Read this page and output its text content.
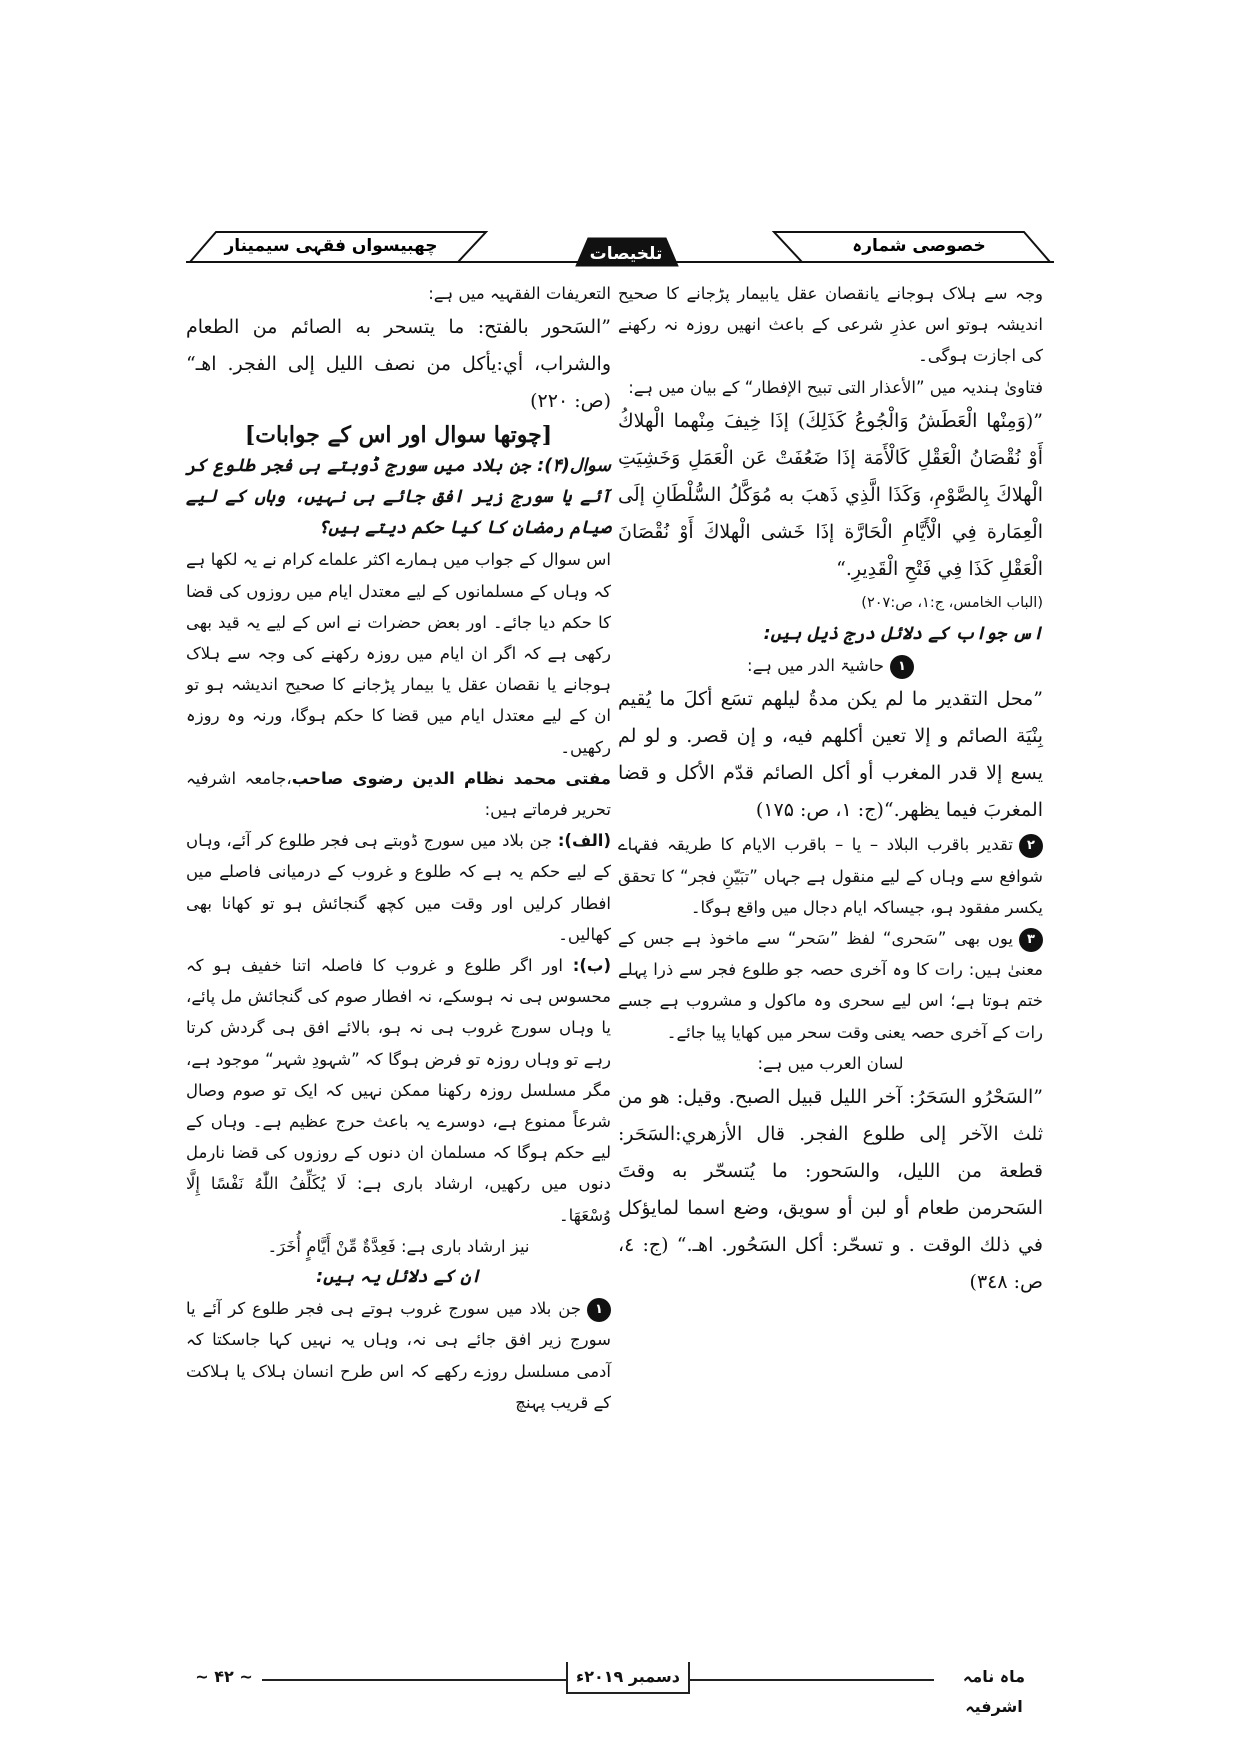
چھبیسواں فقہی سیمینار	تلخیصات	خصوصی شمارہ

وجہ سے ہلاک ہوجانے یانقصان عقل یابیمار پڑجانے کا صحیح اندیشہ ہوتو اس عذرِ شرعی کے باعث انھیں روزہ نہ رکھنے کی اجازت ہوگی۔

فتاویٰ ہندیہ میں ”الأعذار التی تبیح الإفطار“ کے بیان میں ہے:

”(وَمِنْها الْعَطَشُ وَالْجُوعُ كَذَلِكَ) إذَا خِيفَ مِنْهما الْهلاكُ أَوْ نُقْصَانُ الْعَقْلِ كَالْأَمَة إذَا ضَعُفَتْ عَن الْعَمَلِ وَخَشِيَتِ الْهلاكَ بِالصَّوْمِ، وَكَذَا الَّذِي ذَهبَ به مُوَكَّلُ السُّلْطَانِ إلَى الْعِمَارة فِي الْأَيَّامِ الْحَارَّة إذَا خَشى الْهلاكَ أَوْ نُقْصَانَ الْعَقْلِ كَذَا فِي فَتْحِ الْقَدِيرِ.“

(الباب الخامس، ج:۱، ص:۲۰۷)

اس جواب کے دلائل درج ذیل ہیں:

۱حاشیۃ الدر میں ہے:

”محل التقدير ما لم يكن مدةُ ليلهم تسَع أكلَ ما يُقيم بِنْيَة الصائم و إلا تعين أكلهم فيه، و إن قصر. و لو لم يسع إلا قدر المغرب أو أكل الصائم قدّم الأكل و قضا المغربَ فيما يظهر.“(ج: ۱، ص: ۱۷۵)

۲تقدیر باقرب البلاد – یا – باقرب الایام کا طریقہ فقہاے شوافع سے وہاں کے لیے منقول ہے جہاں ”تبَيّنِ فجر“ کا تحقق یکسر مفقود ہو، جیساکہ ایام دجال میں واقع ہوگا۔

۳یوں بھی ”سَحری“ لفظ ”سَحر“ سے ماخوذ ہے جس کے معنیٰ ہیں: رات کا وہ آخری حصہ جو طلوع فجر سے ذرا پہلے ختم ہوتا ہے؛ اس لیے سحری وہ ماکول و مشروب ہے جسے رات کے آخری حصہ یعنی وقت سحر میں کھایا پیا جائے۔

لسان العرب میں ہے:

”السَحْرُو السَحَرُ: آخر الليل قبيل الصبح. وقيل: هو من ثلث الآخر إلى طلوع الفجر. قال الأزهري:السَحَر: قطعة من الليل، والسَحور: ما يُتسحّر به وقتَ السَحرمن طعام أو لبن أو سويق، وضع اسما لمايؤكل في ذلك الوقت . و تسحّر: أكل السَحُور. اهـ.“ (ج: ٤، ص: ٣٤٨)

التعریفات الفقہیہ میں ہے:

”السَحور بالفتح: ما يتسحر به الصائم من الطعام والشراب، أي:يأكل من نصف الليل إلى الفجر. اهـ“ (ص: ۲۲۰)

[چوتھا سوال اور اس کے جوابات]

سوال(۴): جن بلاد میں سورج ڈوبتے ہی فجر طلوع کر آئے یا سورج زیر افق جائے ہی نہیں، وہاں کے لیے صیام رمضان کا کیا حکم دیتے ہیں؟

اس سوال کے جواب میں ہمارے اکثر علماے کرام نے یہ لکھا ہے کہ وہاں کے مسلمانوں کے لیے معتدل ایام میں روزوں کی قضا کا حکم دیا جائے۔ اور بعض حضرات نے اس کے لیے یہ قید بھی رکھی ہے کہ اگر ان ایام میں روزہ رکھنے کی وجہ سے ہلاک ہوجانے یا نقصان عقل یا بیمار پڑجانے کا صحیح اندیشہ ہو تو ان کے لیے معتدل ایام میں قضا کا حکم ہوگا، ورنہ وہ روزہ رکھیں۔

مفتی محمد نظام الدین رضوی صاحب،جامعہ اشرفیہ تحریر فرماتے ہیں:

(الف): جن بلاد میں سورج ڈوبتے ہی فجر طلوع کر آئے، وہاں کے لیے حکم یہ ہے کہ طلوع و غروب کے درمیانی فاصلے میں افطار کرلیں اور وقت میں کچھ گنجائش ہو تو کھانا بھی کھالیں۔

(ب): اور اگر طلوع و غروب کا فاصلہ اتنا خفیف ہو کہ محسوس ہی نہ ہوسکے، نہ افطار صوم کی گنجائش مل پائے، یا وہاں سورج غروب ہی نہ ہو، بالائے افق ہی گردش کرتا رہے تو وہاں روزہ تو فرض ہوگا کہ ”شہودِ شہر“ موجود ہے، مگر مسلسل روزہ رکھنا ممکن نہیں کہ ایک تو صوم وصال شرعاً ممنوع ہے، دوسرے یہ باعث حرج عظیم ہے۔ وہاں کے لیے حکم ہوگا کہ مسلمان ان دنوں کے روزوں کی قضا نارمل دنوں میں رکھیں، ارشاد باری ہے: لَا يُكَلِّفُ اللّٰهُ نَفْسًا إِلَّا وُسْعَهَا۔

نیز ارشاد باری ہے: فَعِدَّةٌ مِّنْ أَيَّامٍ أُخَرَ۔

ان کے دلائل یہ ہیں:

۱جن بلاد میں سورج غروب ہوتے ہی فجر طلوع کر آئے یا سورج زیر افق جائے ہی نہ، وہاں یہ نہیں کہا جاسکتا کہ آدمی مسلسل روزے رکھے کہ اس طرح انسان ہلاک یا ہلاکت کے قریب پہنچ

ماہ نامہ اشرفیہ
دسمبر ۲۰۱۹ء
~ ۴۲ ~
